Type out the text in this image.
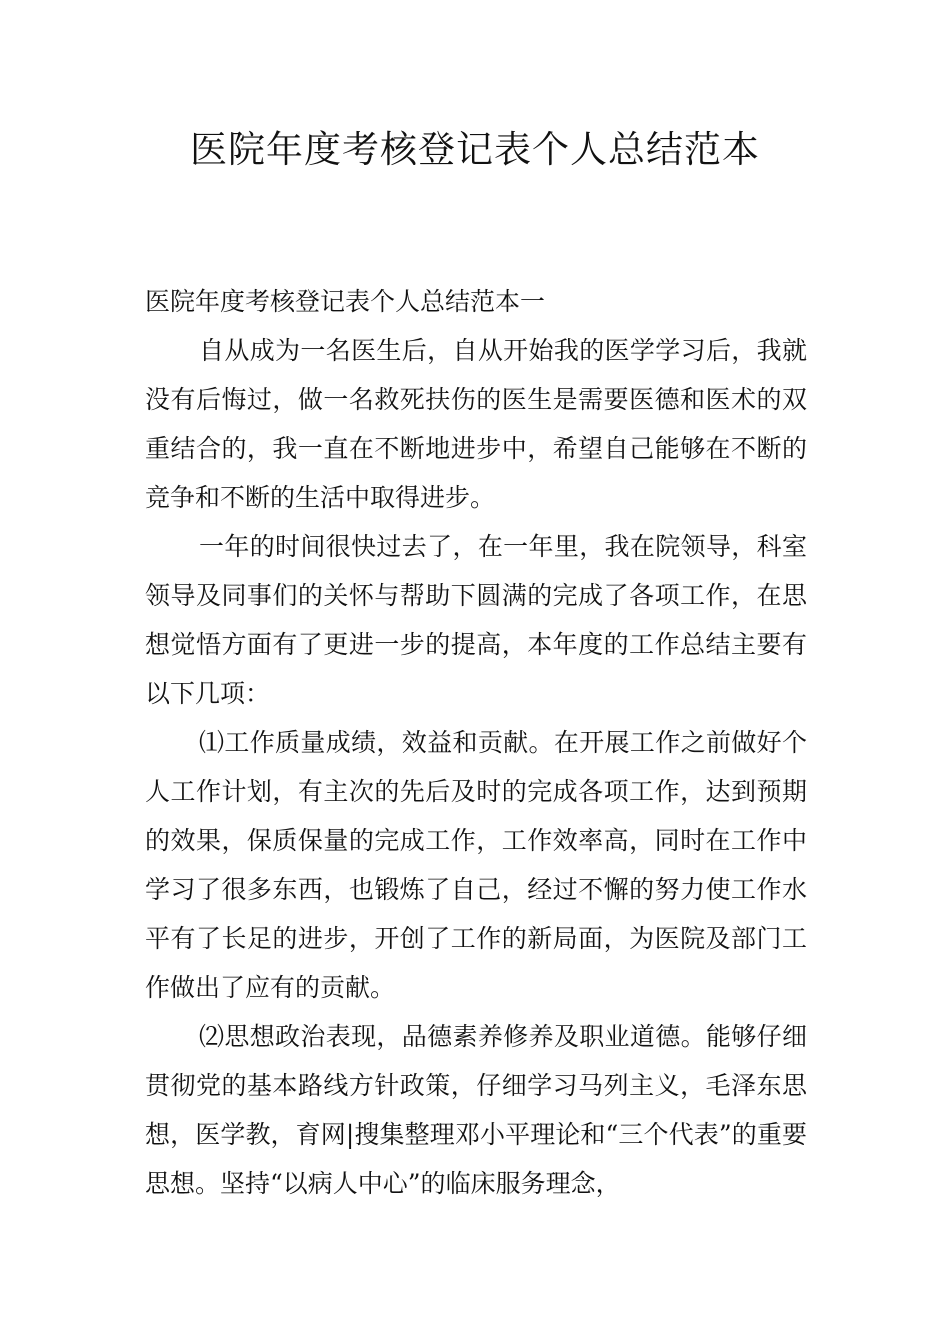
医院年度考核登记表个人总结范本

医院年度考核登记表个人总结范本一

自从成为一名医生后，自从开始我的医学学习后，我就没有后悔过，做一名救死扶伤的医生是需要医德和医术的双重结合的，我一直在不断地进步中，希望自己能够在不断的竞争和不断的生活中取得进步。

一年的时间很快过去了，在一年里，我在院领导，科室领导及同事们的关怀与帮助下圆满的完成了各项工作，在思想觉悟方面有了更进一步的提高，本年度的工作总结主要有以下几项：

⑴工作质量成绩，效益和贡献。在开展工作之前做好个人工作计划，有主次的先后及时的完成各项工作，达到预期的效果，保质保量的完成工作，工作效率高，同时在工作中学习了很多东西，也锻炼了自己，经过不懈的努力使工作水平有了长足的进步，开创了工作的新局面，为医院及部门工作做出了应有的贡献。

⑵思想政治表现，品德素养修养及职业道德。能够仔细贯彻党的基本路线方针政策，仔细学习马列主义，毛泽东思想，医学教，育网|搜集整理邓小平理论和“三个代表”的重要思想。坚持“以病人中心”的临床服务理念，
